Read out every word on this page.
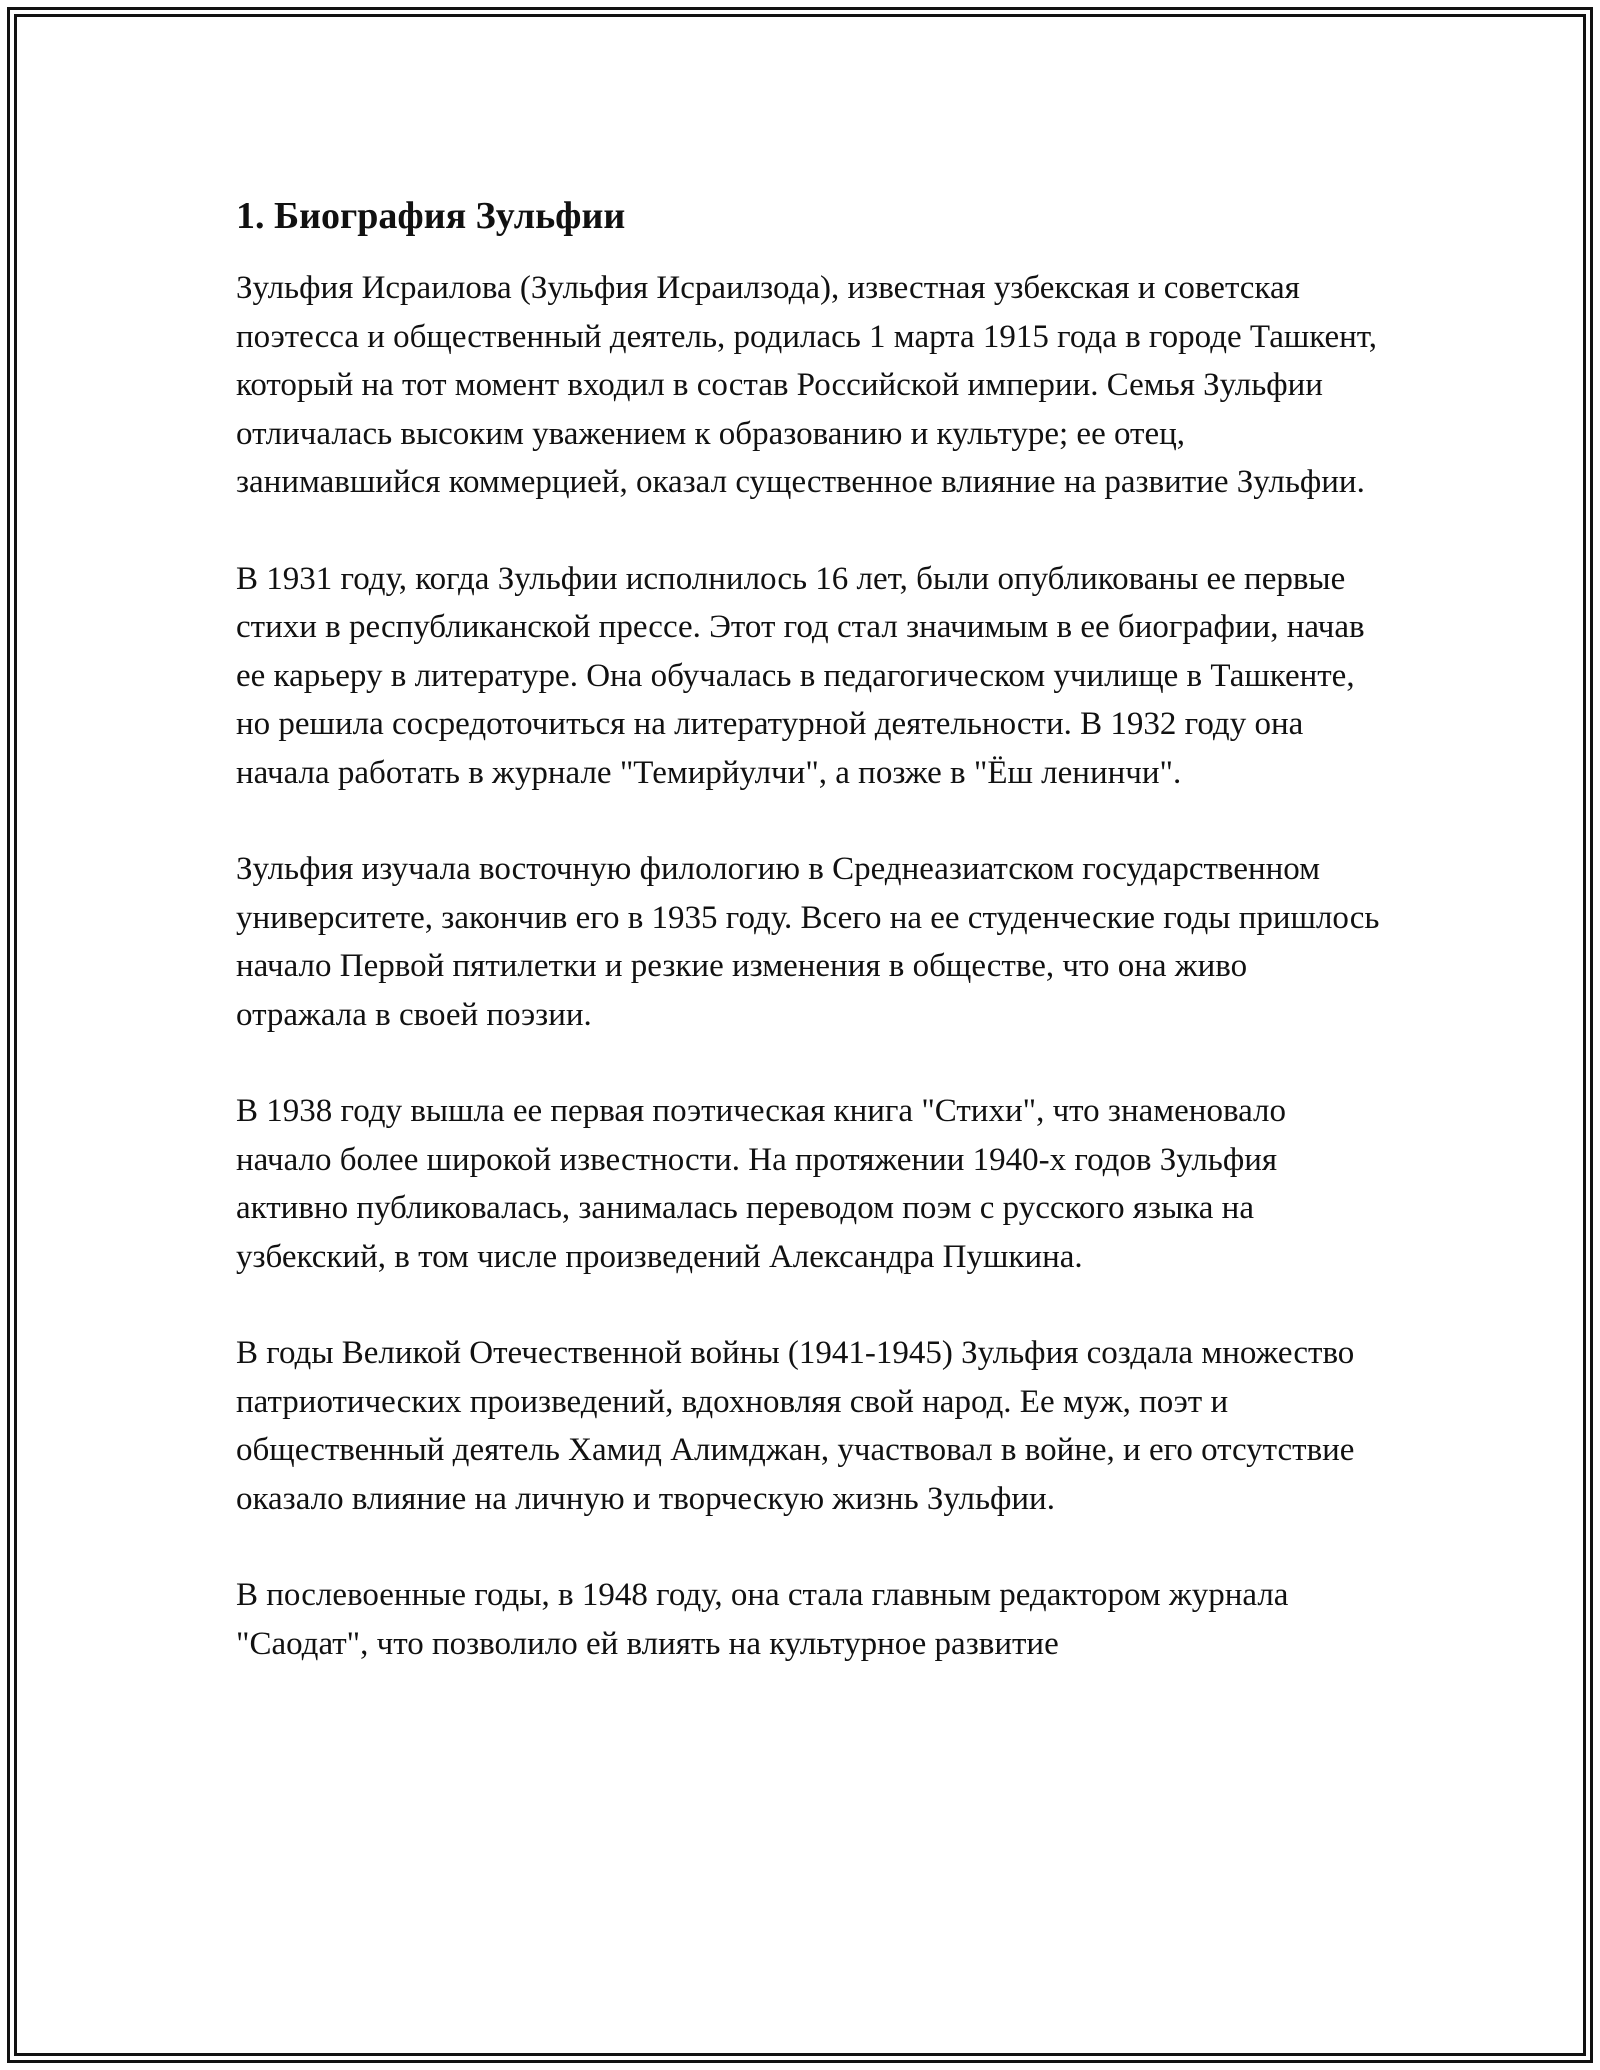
1. Биография Зульфии

Зульфия Исраилова (Зульфия Исраилзода), известная узбекская и советская поэтесса и общественный деятель, родилась 1 марта 1915 года в городе Ташкент, который на тот момент входил в состав Российской империи. Семья Зульфии отличалась высоким уважением к образованию и культуре; ее отец, занимавшийся коммерцией, оказал существенное влияние на развитие Зульфии.

В 1931 году, когда Зульфии исполнилось 16 лет, были опубликованы ее первые стихи в республиканской прессе. Этот год стал значимым в ее биографии, начав ее карьеру в литературе. Она обучалась в педагогическом училище в Ташкенте, но решила сосредоточиться на литературной деятельности. В 1932 году она начала работать в журнале "Темирйулчи", а позже в "Ёш ленинчи".

Зульфия изучала восточную филологию в Среднеазиатском государственном университете, закончив его в 1935 году. Всего на ее студенческие годы пришлось начало Первой пятилетки и резкие изменения в обществе, что она живо отражала в своей поэзии.

В 1938 году вышла ее первая поэтическая книга "Стихи", что знаменовало начало более широкой известности. На протяжении 1940-х годов Зульфия активно публиковалась, занималась переводом поэм с русского языка на узбекский, в том числе произведений Александра Пушкина.

В годы Великой Отечественной войны (1941-1945) Зульфия создала множество патриотических произведений, вдохновляя свой народ. Ее муж, поэт и общественный деятель Хамид Алимджан, участвовал в войне, и его отсутствие оказало влияние на личную и творческую жизнь Зульфии.

В послевоенные годы, в 1948 году, она стала главным редактором журнала "Саодат", что позволило ей влиять на культурное развитие
